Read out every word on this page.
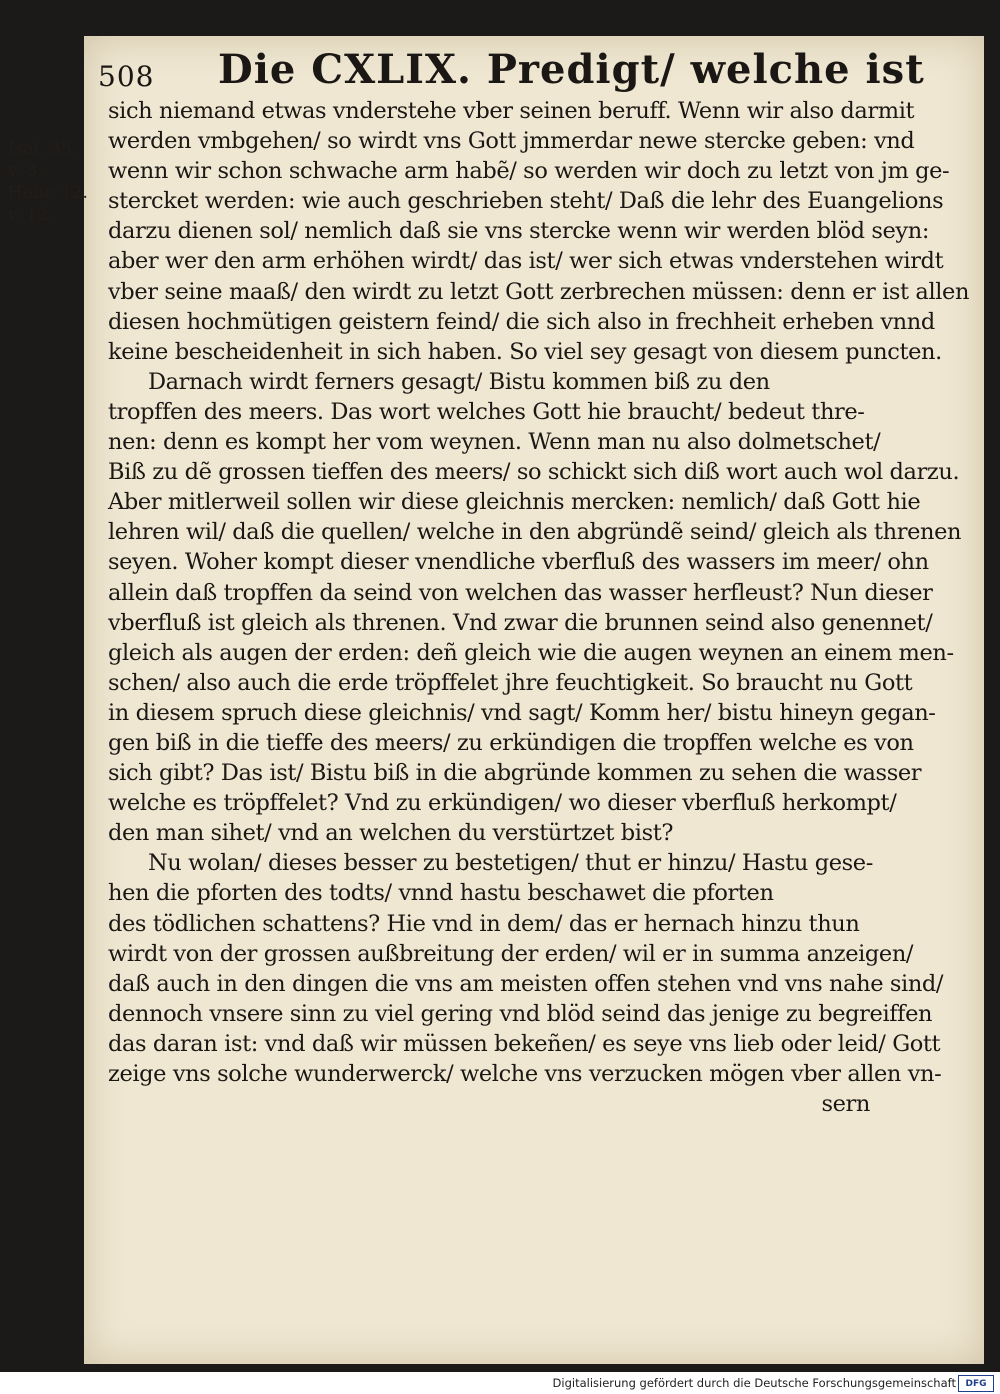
508 Die CXLIX. Predigt/ welche ist
Isai. 35.
v. 3.
Hebr. 12.
v. 12.
sich niemand etwas vnderstehe vber seinen beruff. Wenn wir also darmit
werden vmbgehen/ so wirdt vns Gott jmmerdar newe stercke geben: vnd
wenn wir schon schwache arm habẽ/ so werden wir doch zu letzt von jm ge-
stercket werden: wie auch geschrieben steht/ Daß die lehr des Euangelions
darzu dienen sol/ nemlich daß sie vns stercke wenn wir werden blöd seyn:
aber wer den arm erhöhen wirdt/ das ist/ wer sich etwas vnderstehen wirdt
vber seine maaß/ den wirdt zu letzt Gott zerbrechen müssen: denn er ist allen
diesen hochmütigen geistern feind/ die sich also in frechheit erheben vnnd
keine bescheidenheit in sich haben. So viel sey gesagt von diesem puncten.
Darnach wirdt ferners gesagt/ Bistu kommen biß zu den
tropffen des meers. Das wort welches Gott hie braucht/ bedeut thre-
nen: denn es kompt her vom weynen. Wenn man nu also dolmetschet/
Biß zu dẽ grossen tieffen des meers/ so schickt sich diß wort auch wol darzu.
Aber mitlerweil sollen wir diese gleichnis mercken: nemlich/ daß Gott hie
lehren wil/ daß die quellen/ welche in den abgründẽ seind/ gleich als threnen
seyen. Woher kompt dieser vnendliche vberfluß des wassers im meer/ ohn
allein daß tropffen da seind von welchen das wasser herfleust? Nun dieser
vberfluß ist gleich als threnen. Vnd zwar die brunnen seind also genennet/
gleich als augen der erden: deñ gleich wie die augen weynen an einem men-
schen/ also auch die erde tröpffelet jhre feuchtigkeit. So braucht nu Gott
in diesem spruch diese gleichnis/ vnd sagt/ Komm her/ bistu hineyn gegan-
gen biß in die tieffe des meers/ zu erkündigen die tropffen welche es von
sich gibt? Das ist/ Bistu biß in die abgründe kommen zu sehen die wasser
welche es tröpffelet? Vnd zu erkündigen/ wo dieser vberfluß herkompt/
den man sihet/ vnd an welchen du verstürtzet bist?
Nu wolan/ dieses besser zu bestetigen/ thut er hinzu/ Hastu gese-
hen die pforten des todts/ vnnd hastu beschawet die pforten
des tödlichen schattens? Hie vnd in dem/ das er hernach hinzu thun
wirdt von der grossen außbreitung der erden/ wil er in summa anzeigen/
daß auch in den dingen die vns am meisten offen stehen vnd vns nahe sind/
dennoch vnsere sinn zu viel gering vnd blöd seind das jenige zu begreiffen
das daran ist: vnd daß wir müssen bekeñen/ es seye vns lieb oder leid/ Gott
zeige vns solche wunderwerck/ welche vns verzucken mögen vber allen vn-
sern
Digitalisierung gefördert durch die Deutsche Forschungsgemeinschaft	DFG
